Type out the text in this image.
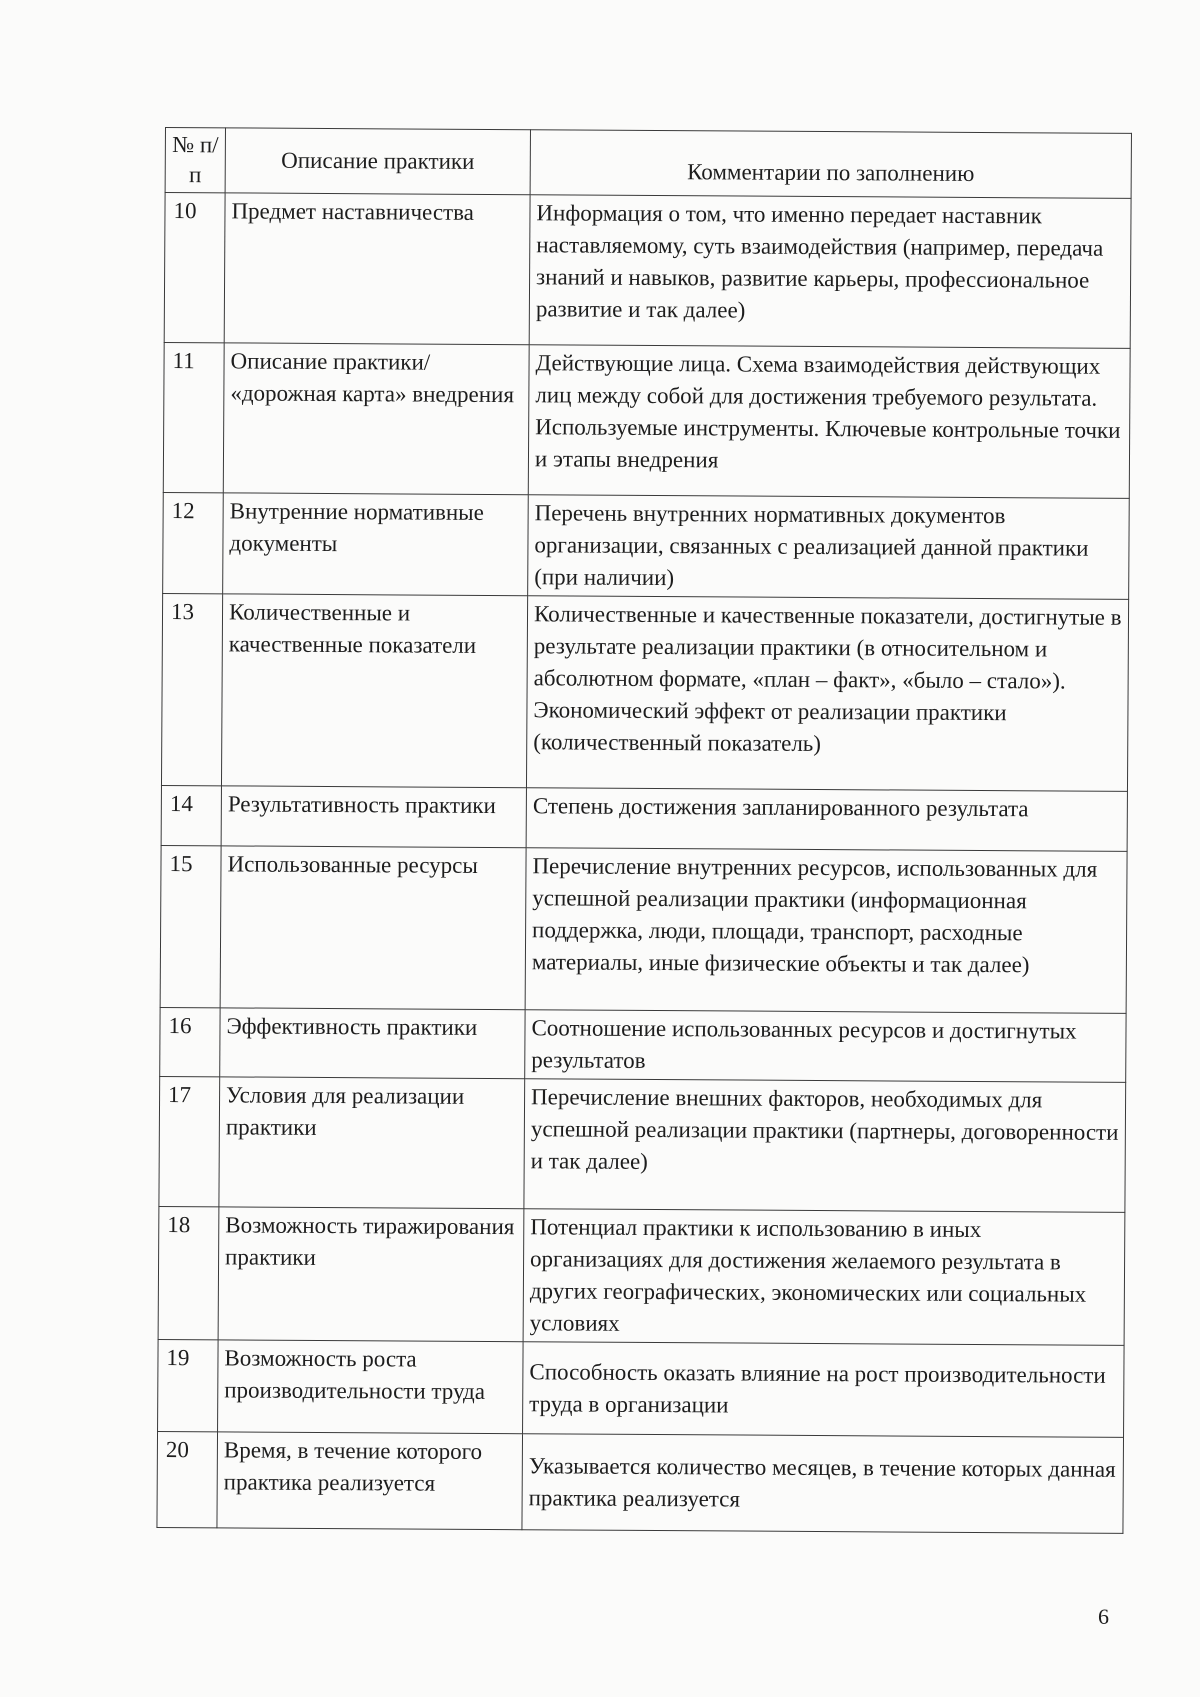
№ п/п	Описание практики	Комментарии по заполнению
10	Предмет наставничества	Информация о том, что именно передает наставник наставляемому, суть взаимодействия (например, передача знаний и навыков, развитие карьеры, профессиональное развитие и так далее)
11	Описание практики/ «дорожная карта» внедрения	Действующие лица. Схема взаимодействия действующих лиц между собой для достижения требуемого результата. Используемые инструменты. Ключевые контрольные точки и этапы внедрения
12	Внутренние нормативные документы	Перечень внутренних нормативных документов организации, связанных с реализацией данной практики (при наличии)
13	Количественные и качественные показатели	Количественные и качественные показатели, достигнутые в результате реализации практики (в относительном и абсолютном формате, «план – факт», «было – стало»). Экономический эффект от реализации практики (количественный показатель)
14	Результативность практики	Степень достижения запланированного результата
15	Использованные ресурсы	Перечисление внутренних ресурсов, использованных для успешной реализации практики (информационная поддержка, люди, площади, транспорт, расходные материалы, иные физические объекты и так далее)
16	Эффективность практики	Соотношение использованных ресурсов и достигнутых результатов
17	Условия для реализации практики	Перечисление внешних факторов, необходимых для успешной реализации практики (партнеры, договоренности и так далее)
18	Возможность тиражирования практики	Потенциал практики к использованию в иных организациях для достижения желаемого результата в других географических, экономических или социальных условиях
19	Возможность роста производительности труда	Способность оказать влияние на рост производительности труда в организации
20	Время, в течение которого практика реализуется	Указывается количество месяцев, в течение которых данная практика реализуется
6
